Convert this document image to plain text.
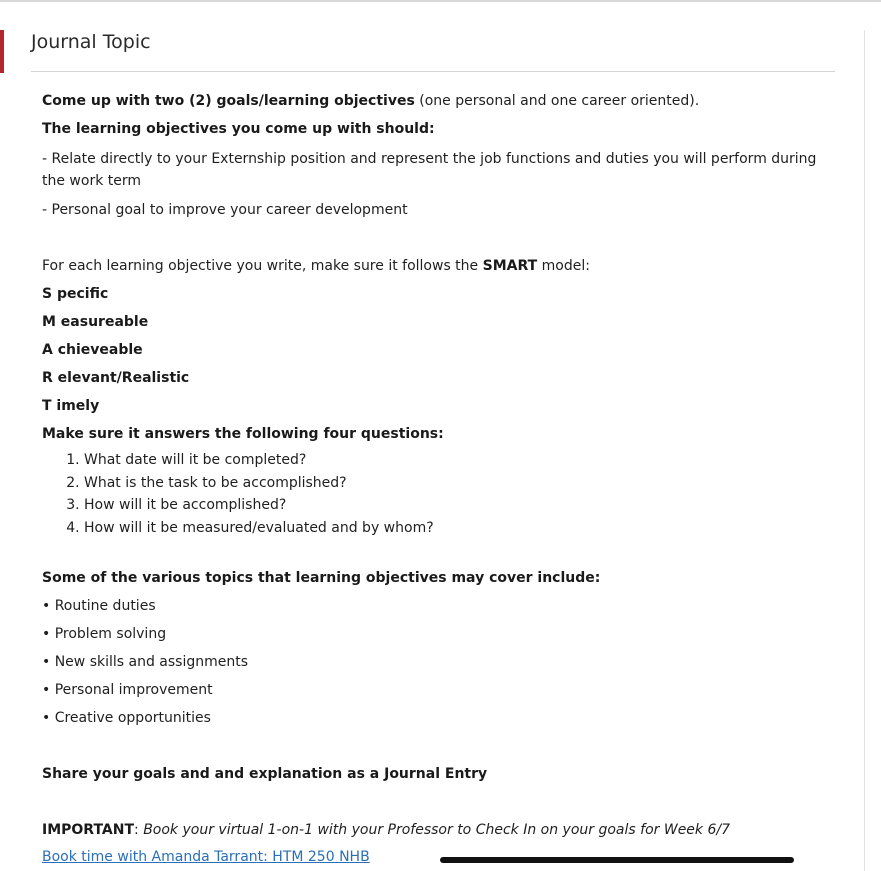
Journal Topic

Come up with two (2) goals/learning objectives (one personal and one career oriented).

The learning objectives you come up with should:

- Relate directly to your Externship position and represent the job functions and duties you will perform during the work term

- Personal goal to improve your career development

For each learning objective you write, make sure it follows the SMART model:

S pecific

M easureable

A chieveable

R elevant/Realistic

T imely

Make sure it answers the following four questions:

1. What date will it be completed?
2. What is the task to be accomplished?
3. How will it be accomplished?
4. How will it be measured/evaluated and by whom?

Some of the various topics that learning objectives may cover include:

• Routine duties

• Problem solving

• New skills and assignments

• Personal improvement

• Creative opportunities

Share your goals and and explanation as a Journal Entry

IMPORTANT: Book your virtual 1-on-1 with your Professor to Check In on your goals for Week 6/7

Book time with Amanda Tarrant: HTM 250 NHB
